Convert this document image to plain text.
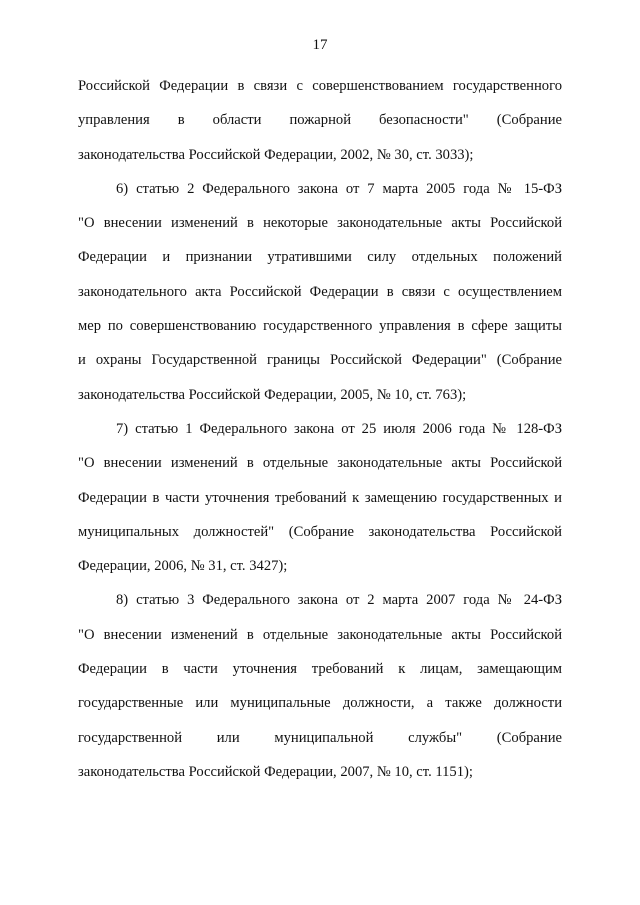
17

Российской Федерации в связи с совершенствованием государственного
управления в области пожарной безопасности" (Собрание
законодательства Российской Федерации, 2002, № 30, ст. 3033);

6) статью 2 Федерального закона от 7 марта 2005 года № 15-ФЗ
"О внесении изменений в некоторые законодательные акты Российской
Федерации и признании утратившими силу отдельных положений
законодательного акта Российской Федерации в связи с осуществлением
мер по совершенствованию государственного управления в сфере защиты
и охраны Государственной границы Российской Федерации" (Собрание
законодательства Российской Федерации, 2005, № 10, ст. 763);

7) статью 1 Федерального закона от 25 июля 2006 года № 128-ФЗ
"О внесении изменений в отдельные законодательные акты Российской
Федерации в части уточнения требований к замещению государственных и
муниципальных должностей" (Собрание законодательства Российской
Федерации, 2006, № 31, ст. 3427);

8) статью 3 Федерального закона от 2 марта 2007 года № 24-ФЗ
"О внесении изменений в отдельные законодательные акты Российской
Федерации в части уточнения требований к лицам, замещающим
государственные или муниципальные должности, а также должности
государственной или муниципальной службы" (Собрание
законодательства Российской Федерации, 2007, № 10, ст. 1151);
